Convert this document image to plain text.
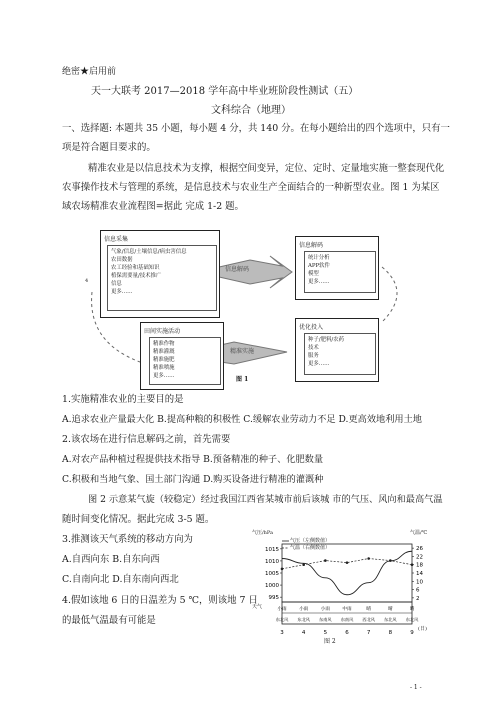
绝密★启用前
天一大联考 2017—2018 学年高中毕业班阶段性测试（五）
文科综合（地理）
一、选择题: 本题共 35 小题，每小题 4 分，共 140 分。在每小题给出的四个选项中，只有一
项是符合题目要求的。
精准农业是以信息技术为支撑，根据空间变异，定位、定时、定量地实施一整套现代化
农事操作技术与管理的系统，是信息技术与农业生产全面结合的一种新型农业。图 1 为某区
域农场精准农业流程图=据此 完成 1-2 题。
4
信息采集
气象/信息/土壤信息/病虫害信息
农田数据
农工经验和基础知识
植保需要量/技术推广
信息
更多……
信息解码
信息解码
统计分析
APP软件
模型
更多……
田间实施活动
精准作物
精准灌溉
精准施肥
精准喷施
更多……
精准实施
优化投入
种子/肥料/农药
技术
服务
更多……
图 1
1.实施精准农业的主要目的是
A.追求农业产量最大化 B.提高种粮的积极性 C.缓解农业劳动力不足 D.更高效地利用土地
2.该农场在进行信息解码之前，首先需要
A.对农产品种植过程提供技术指导 B.预备精准的种子、化肥数量
C.积极和当地气象、国土部门沟通 D.购买设备进行精准的灌溉种
图 2 示意某气旋（较稳定）经过我国江西省某城市前后该城 市的气压、风向和最高气温
随时间变化情况。据此完成 3-5 题。
3.推测该天气系统的移动方向为
A.自西向东 B.自东向西
C.自南向北 D.自东南向西北
4.假如该地 6 日的日温差为 5 ℃，则该地 7 日
的最低气温最有可能是
1015
1010
1005
1000
995
26
22
18
14
10
6
2
3
小雨
东北风
4
小雨
东北风
5
小雨
东南风
6
中雨
东南风
7
晴
西北风
8
晴
东北风
9
晴
东北风
气压/hPa	气温/℃
气压（左侧数值）
气温（右侧数值）
天气
(日)
图 2
- 1 -
